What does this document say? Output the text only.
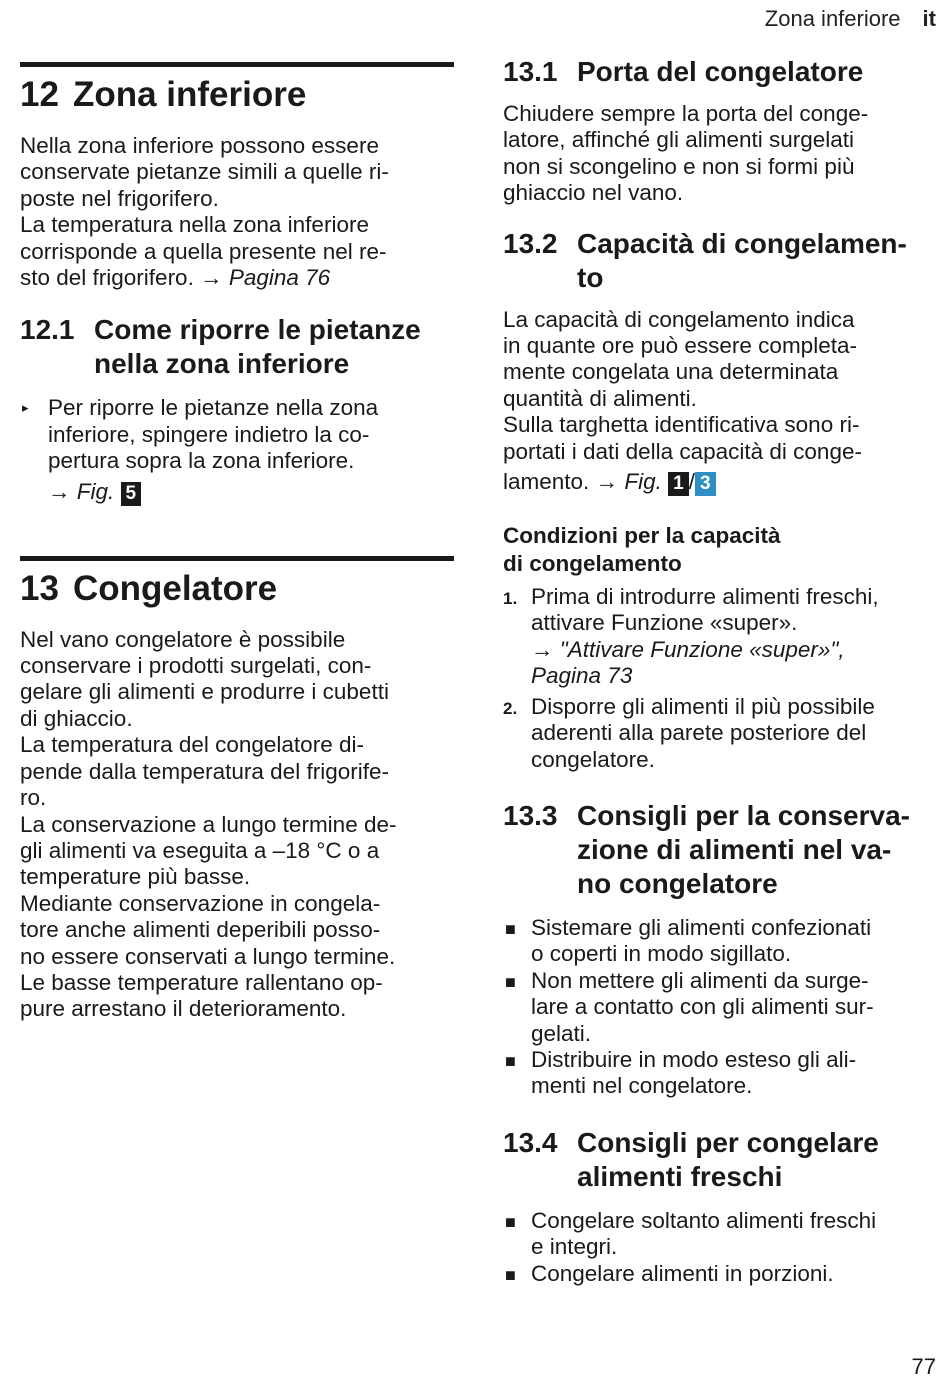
Zona inferiore it
12 Zona inferiore
Nella zona inferiore possono essere
conservate pietanze simili a quelle ri-
poste nel frigorifero.
La temperatura nella zona inferiore
corrisponde a quella presente nel re-
sto del frigorifero. → Pagina 76
12.1 Come riporre le pietanze nella zona inferiore
▸ Per riporre le pietanze nella zona
inferiore, spingere indietro la co-
pertura sopra la zona inferiore.
→ Fig. 5
13 Congelatore
Nel vano congelatore è possibile
conservare i prodotti surgelati, con-
gelare gli alimenti e produrre i cubetti
di ghiaccio.
La temperatura del congelatore di-
pende dalla temperatura del frigorife-
ro.
La conservazione a lungo termine de-
gli alimenti va eseguita a –18 °C o a
temperature più basse.
Mediante conservazione in congela-
tore anche alimenti deperibili posso-
no essere conservati a lungo termine.
Le basse temperature rallentano op-
pure arrestano il deterioramento.
13.1 Porta del congelatore
Chiudere sempre la porta del conge-
latore, affinché gli alimenti surgelati
non si scongelino e non si formi più
ghiaccio nel vano.
13.2 Capacità di congelamen-
to
La capacità di congelamento indica
in quante ore può essere completa-
mente congelata una determinata
quantità di alimenti.
Sulla targhetta identificativa sono ri-
portati i dati della capacità di conge-
lamento. → Fig. 1 / 3
Condizioni per la capacità
di congelamento
1. Prima di introdurre alimenti freschi,
attivare Funzione «super».
→ "Attivare Funzione «super»",
Pagina 73
2. Disporre gli alimenti il più possibile
aderenti alla parete posteriore del
congelatore.
13.3 Consigli per la conserva-
zione di alimenti nel va-
no congelatore
■ Sistemare gli alimenti confezionati
o coperti in modo sigillato.
■ Non mettere gli alimenti da surge-
lare a contatto con gli alimenti sur-
gelati.
■ Distribuire in modo esteso gli ali-
menti nel congelatore.
13.4 Consigli per congelare alimenti freschi
■ Congelare soltanto alimenti freschi
e integri.
■ Congelare alimenti in porzioni.
77
